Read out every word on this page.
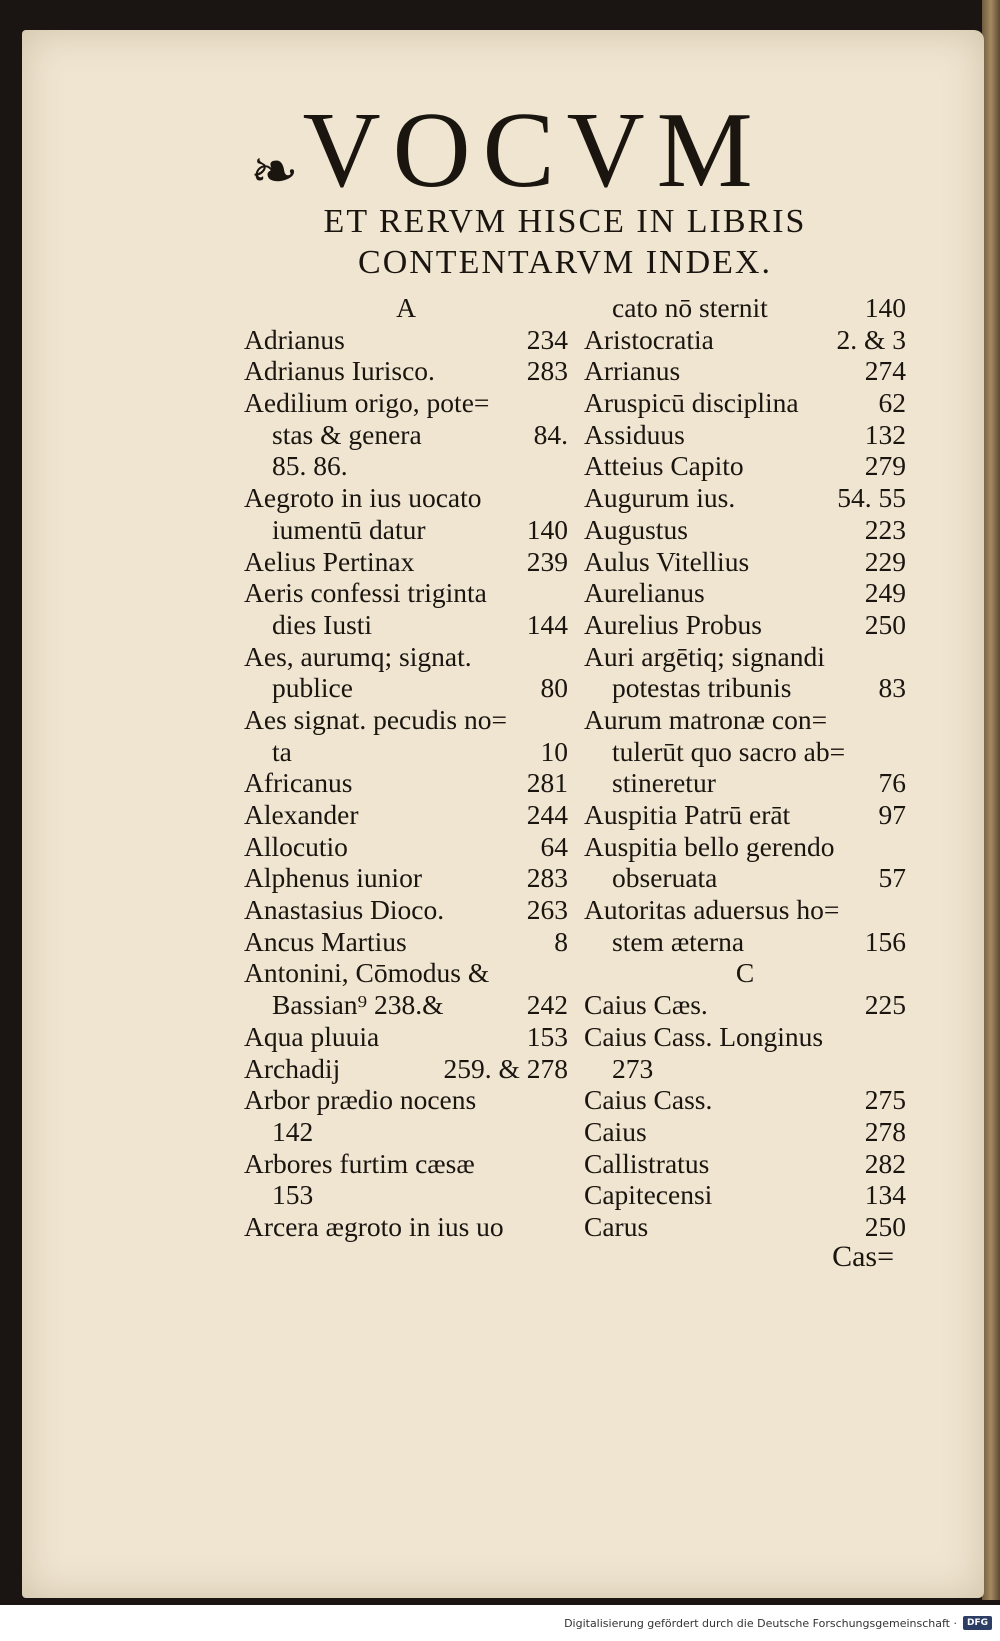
❧ VOCVM
ET RERVM HISCE IN LIBRIS
CONTENTARVM INDEX.
A
Adrianus	234
Adrianus Iurisco.	283
Aedilium origo, pote=
stas & genera	84.
85. 86.
Aegroto in ius uocato
iumentū datur	140
Aelius Pertinax	239
Aeris confessi triginta
dies Iusti	144
Aes, aurumq; signat.
publice	80
Aes signat. pecudis no=
ta	10
Africanus	281
Alexander	244
Allocutio	64
Alphenus iunior	283
Anastasius Dioco.	263
Ancus Martius	8
Antonini, Cōmodus &
Bassian⁹ 238.&	242
Aqua pluuia	153
Archadij	259. & 278
Arbor prædio nocens
142
Arbores furtim cæsæ
153
Arcera ægroto in ius uo
cato nō sternit	140
Aristocratia	2. & 3
Arrianus	274
Aruspicū disciplina	62
Assiduus	132
Atteius Capito	279
Augurum ius.	54. 55
Augustus	223
Aulus Vitellius	229
Aurelianus	249
Aurelius Probus	250
Auri argētiq; signandi
potestas tribunis	83
Aurum matronæ con=
tulerūt quo sacro ab=
stineretur	76
Auspitia Patrū erāt	97
Auspitia bello gerendo
obseruata	57
Autoritas aduersus ho=
stem æterna	156
C
Caius Cæs.	225
Caius Cass. Longinus
273
Caius Cass.	275
Caius	278
Callistratus	282
Capitecensi	134
Carus	250
Cas=
Digitalisierung gefördert durch die Deutsche Forschungsgemeinschaft ·	DFG
